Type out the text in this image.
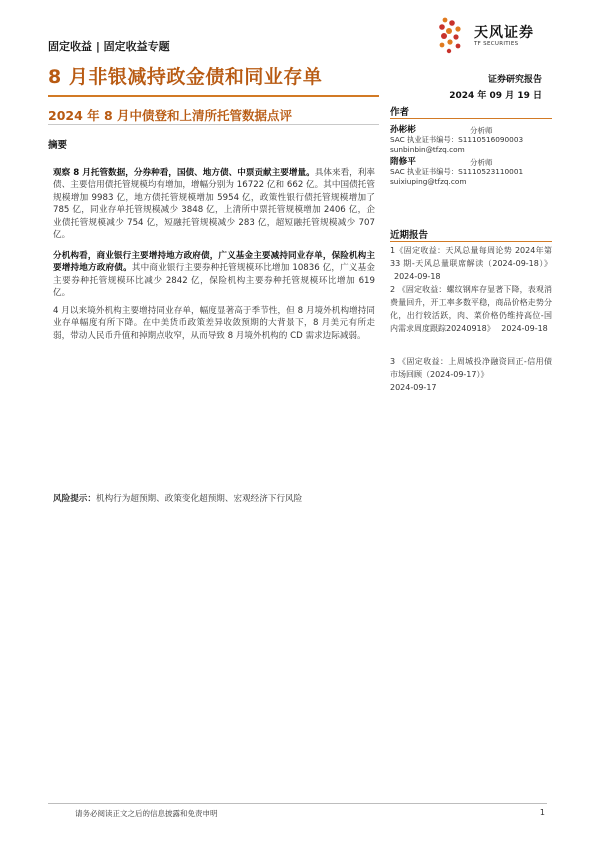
固定收益 | 固定收益专题
天风证券
TF SECURITIES
8 月非银减持政金债和同业存单	证券研究报告
2024 年 09 月 19 日
2024 年 8 月中债登和上清所托管数据点评
摘要
观察 8 月托管数据，分券种看，国债、地方债、中票贡献主要增量。具体来看，利率债、主要信用债托管规模均有增加，增幅分别为 16722 亿和 662 亿。其中国债托管规模增加 9983 亿，地方债托管规模增加 5954 亿，政策性银行债托管规模增加了 785 亿，同业存单托管规模减少 3848 亿，上清所中票托管规模增加 2406 亿，企业债托管规模减少 754 亿，短融托管规模减少 283 亿，超短融托管规模减少 707 亿。
分机构看，商业银行主要增持地方政府债，广义基金主要减持同业存单，保险机构主要增持地方政府债。其中商业银行主要券种托管规模环比增加 10836 亿，广义基金主要券种托管规模环比减少 2842 亿，保险机构主要券种托管规模环比增加 619 亿。
4 月以来境外机构主要增持同业存单，幅度显著高于季节性，但 8 月境外机构增持同业存单幅度有所下降。在中美货币政策差异收敛预期的大背景下，8 月美元有所走弱，带动人民币升值和掉期点收窄，从而导致 8 月境外机构的 CD 需求边际减弱。
风险提示：机构行为超预期、政策变化超预期、宏观经济下行风险
作者
孙彬彬	分析师
SAC 执业证书编号：S1110516090003
sunbinbin@tfzq.com
隋修平	分析师
SAC 执业证书编号：S1110523110001
suixiuping@tfzq.com
近期报告
1《固定收益：天风总量每周论势 2024年第 33 期-天风总量联席解读（2024-09-18）》 2024-09-18
2 《固定收益：螺纹钢库存显著下降，表观消费量回升，开工率多数平稳，商品价格走势分化，出行较活跃，肉、菜价格仍维持高位-国内需求周度跟踪20240918》 2024-09-18
3 《固定收益：上周城投净融资回正-信用债市场回顾（2024-09-17）》
2024-09-17
请务必阅读正文之后的信息披露和免责申明	1
